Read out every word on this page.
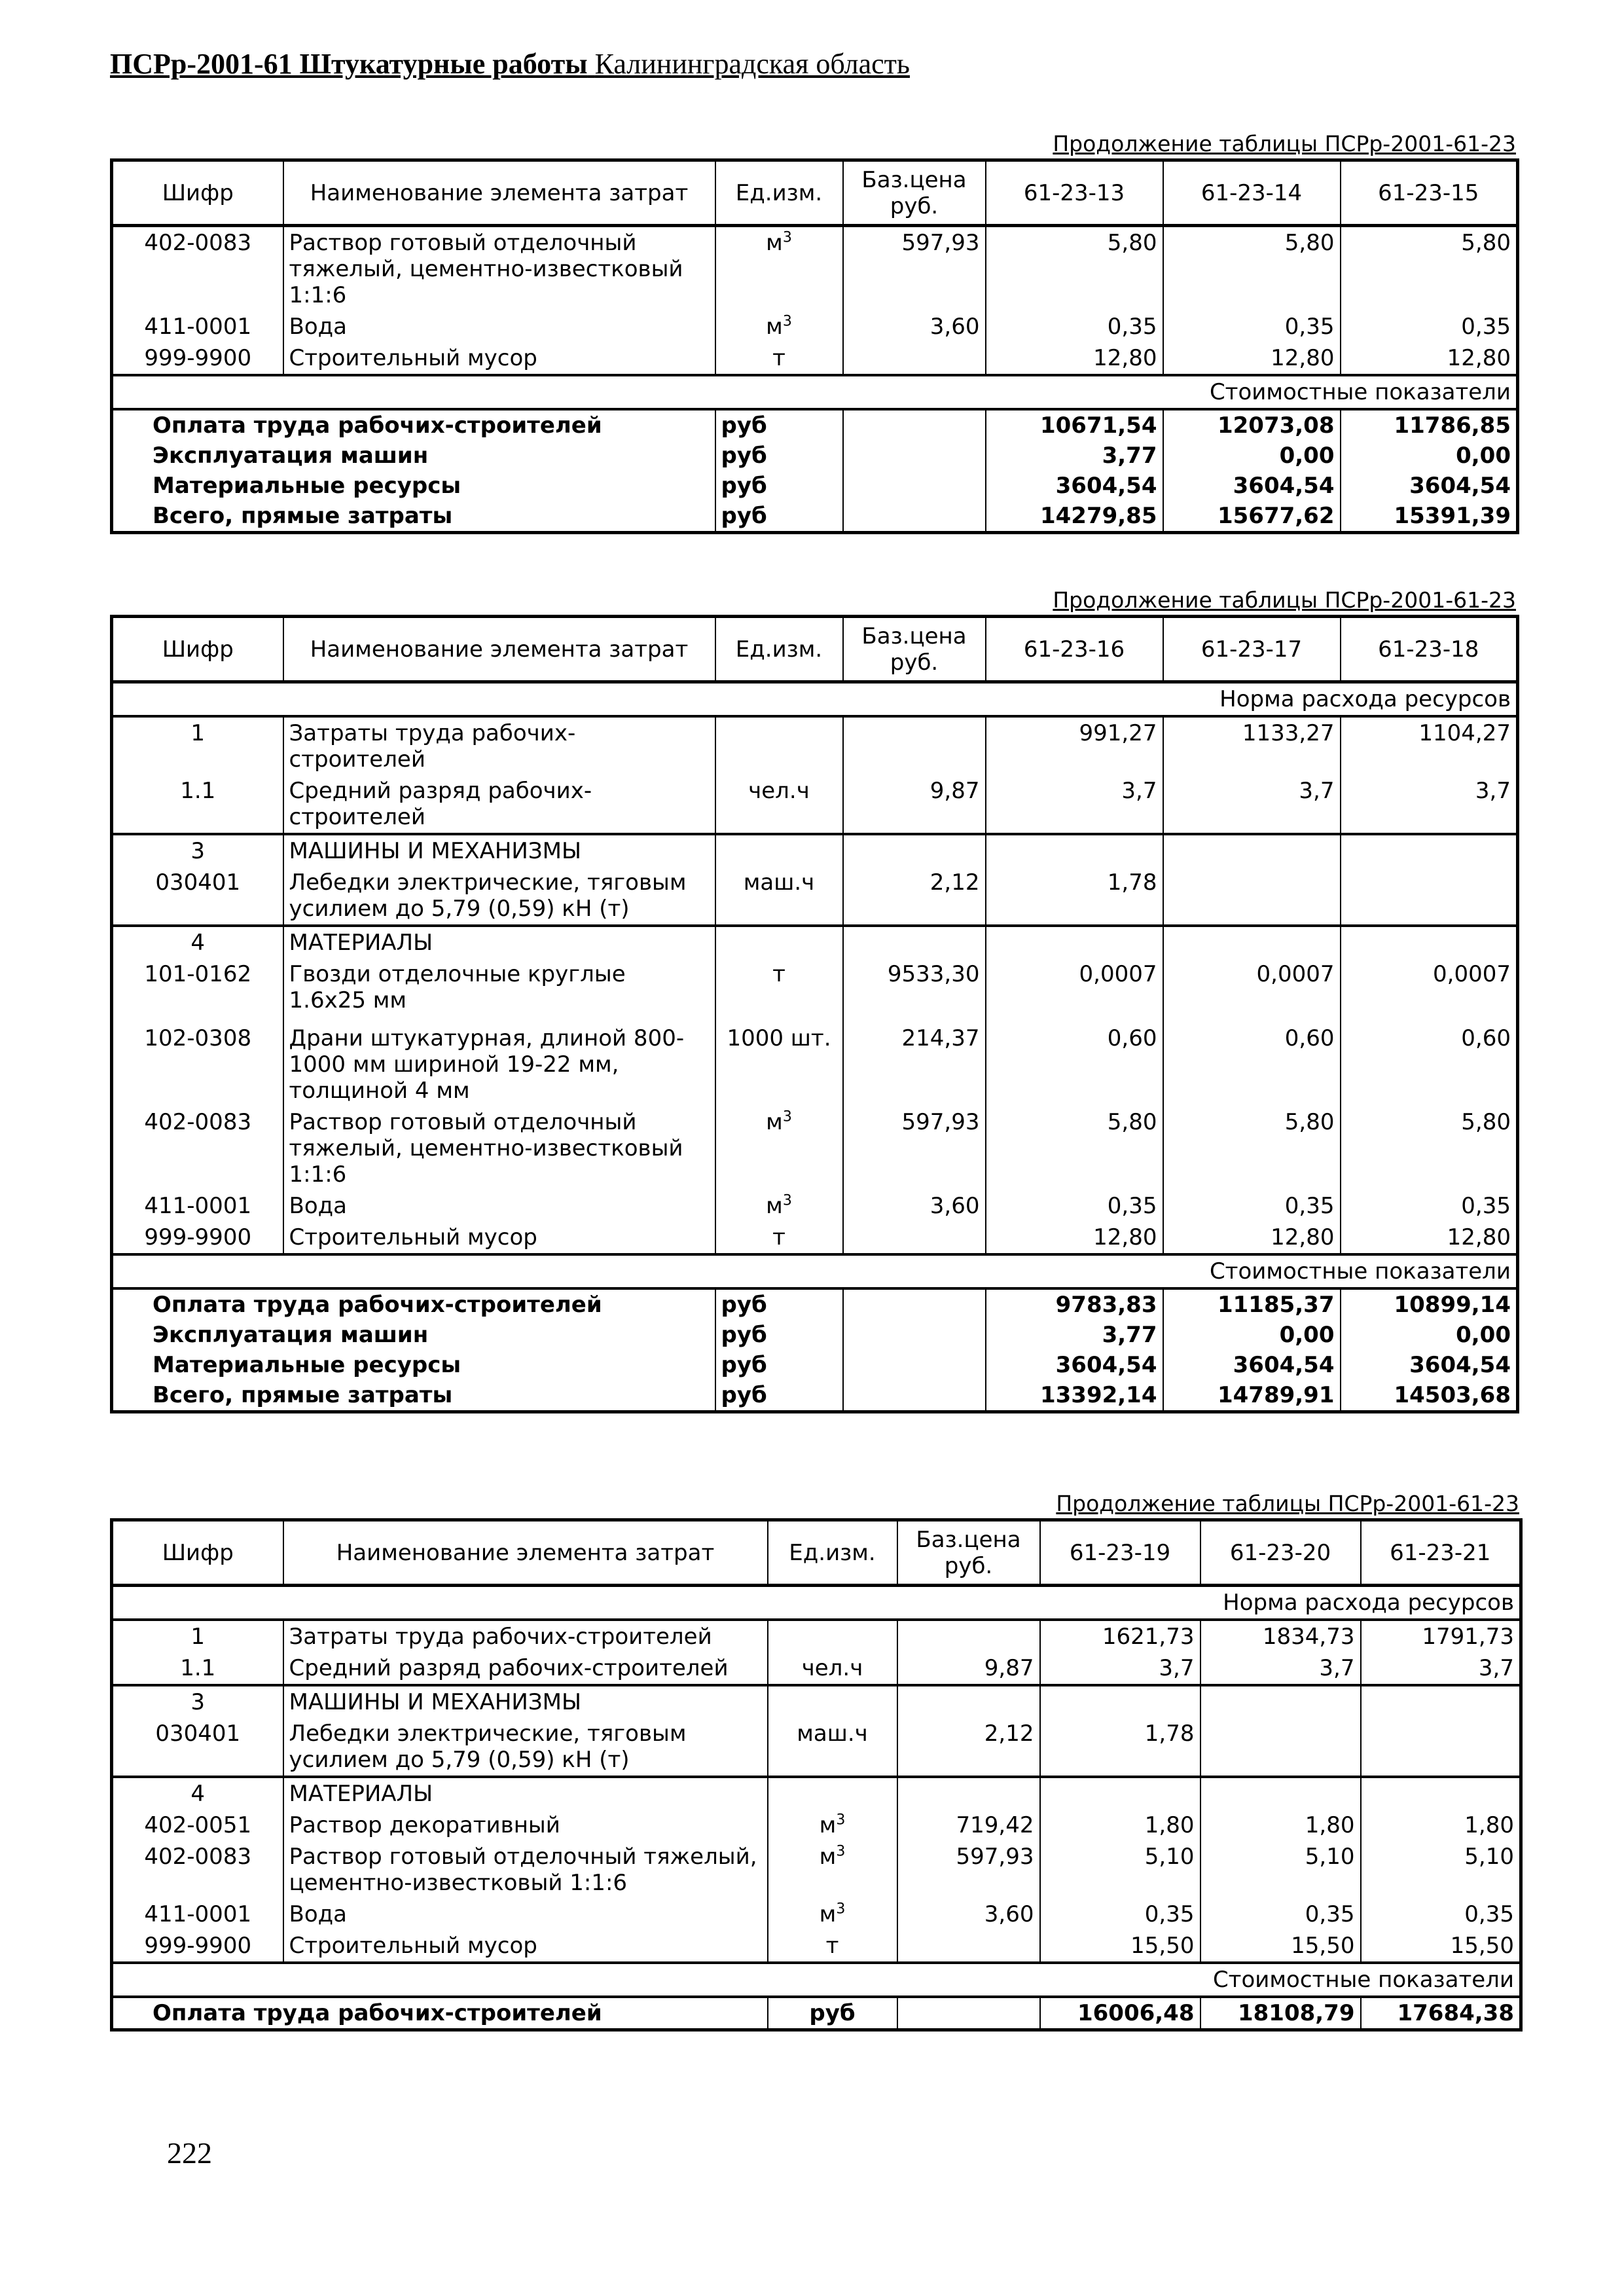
ПСРр-2001-61 Штукатурные работы Калининградская область
Продолжение таблицы ПСРр-2001-61-23
Шифр	Наименование элемента затрат	Ед.изм.	Баз.цена руб.	61-23-13	61-23-14	61-23-15
402-0083	Раствор готовый отделочный тяжелый, цементно-известковый 1:1:6	$м^3$	597,93	5,80	5,80	5,80
411-0001	Вода	$м^3$	3,60	0,35	0,35	0,35
999-9900	Строительный мусор	т		12,80	12,80	12,80
Стоимостные показатели						
Оплата труда рабочих-строителей		руб		10671,54	12073,08	11786,85
Эксплуатация машин		руб		3,77	0,00	0,00
Материальные ресурсы		руб		3604,54	3604,54	3604,54
Всего, прямые затраты		руб		14279,85	15677,62	15391,39
Продолжение таблицы ПСРр-2001-61-23
Шифр	Наименование элемента затрат	Ед.изм.	Баз.цена руб.	61-23-16	61-23-17	61-23-18
Норма расхода ресурсов						
1	Затраты труда рабочих-строителей			991,27	1133,27	1104,27
1.1	Средний разряд рабочих-строителей	чел.ч	9,87	3,7	3,7	3,7
3	МАШИНЫ И МЕХАНИЗМЫ					
030401	Лебедки электрические, тяговым усилием до 5,79 (0,59) кН (т)	маш.ч	2,12	1,78		
4	МАТЕРИАЛЫ					
101-0162	Гвозди отделочные круглые 1.6х25 мм	т	9533,30	0,0007	0,0007	0,0007
102-0308	Драни штукатурная, длиной 800-1000 мм шириной 19-22 мм, толщиной 4 мм	1000 шт.	214,37	0,60	0,60	0,60
402-0083	Раствор готовый отделочный тяжелый, цементно-известковый 1:1:6	$м^3$	597,93	5,80	5,80	5,80
411-0001	Вода	$м^3$	3,60	0,35	0,35	0,35
999-9900	Строительный мусор	т		12,80	12,80	12,80
Стоимостные показатели						
Оплата труда рабочих-строителей		руб		9783,83	11185,37	10899,14
Эксплуатация машин		руб		3,77	0,00	0,00
Материальные ресурсы		руб		3604,54	3604,54	3604,54
Всего, прямые затраты		руб		13392,14	14789,91	14503,68
Продолжение таблицы ПСРр-2001-61-23
Шифр	Наименование элемента затрат	Ед.изм.	Баз.цена руб.	61-23-19	61-23-20	61-23-21
Норма расхода ресурсов						
1	Затраты труда рабочих-строителей			1621,73	1834,73	1791,73
1.1	Средний разряд рабочих-строителей	чел.ч	9,87	3,7	3,7	3,7
3	МАШИНЫ И МЕХАНИЗМЫ					
030401	Лебедки электрические, тяговым усилием до 5,79 (0,59) кН (т)	маш.ч	2,12	1,78		
4	МАТЕРИАЛЫ					
402-0051	Раствор декоративный	$м^3$	719,42	1,80	1,80	1,80
402-0083	Раствор готовый отделочный тяжелый, цементно-известковый 1:1:6	$м^3$	597,93	5,10	5,10	5,10
411-0001	Вода	$м^3$	3,60	0,35	0,35	0,35
999-9900	Строительный мусор	т		15,50	15,50	15,50
Стоимостные показатели						
Оплата труда рабочих-строителей		руб		16006,48	18108,79	17684,38
222
